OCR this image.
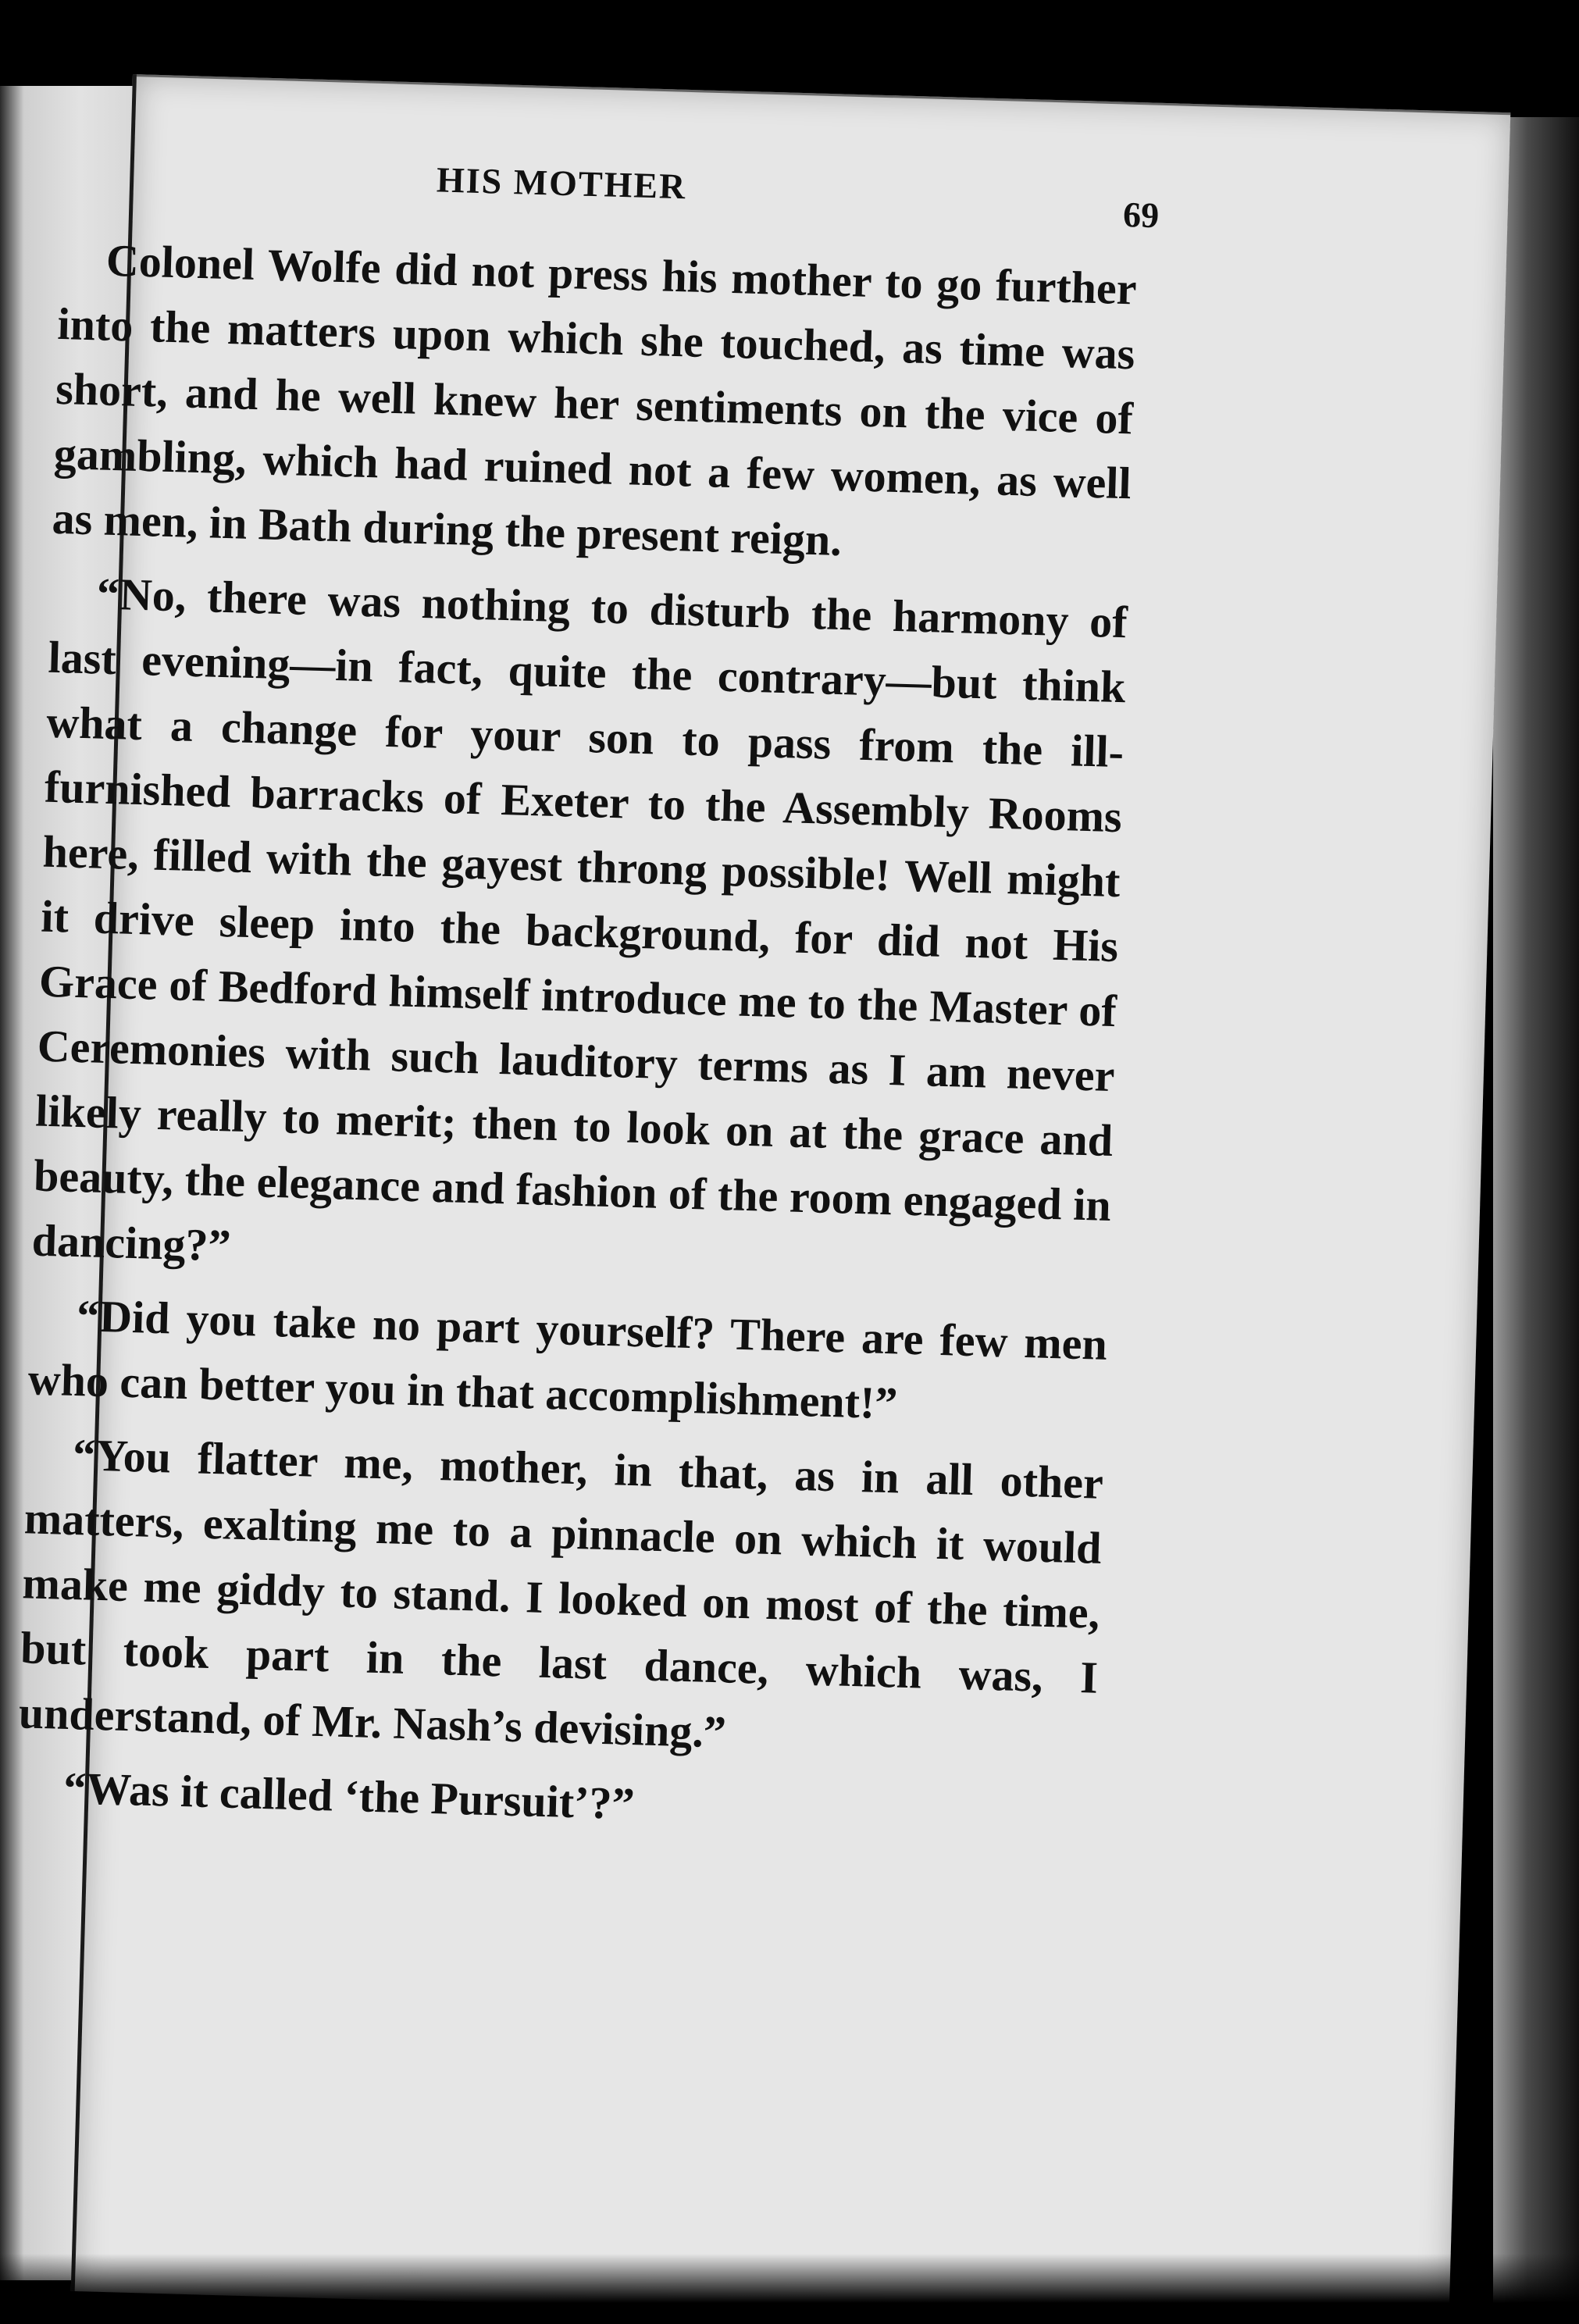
HIS MOTHER
69

Colonel Wolfe did not press his mother to go further into the matters upon which she touched, as time was short, and he well knew her sentiments on the vice of gambling, which had ruined not a few women, as well as men, in Bath during the present reign.

“No, there was nothing to disturb the harmony of last evening—in fact, quite the contrary—but think what a change for your son to pass from the ill-furnished barracks of Exeter to the Assembly Rooms here, filled with the gayest throng possible! Well might it drive sleep into the background, for did not His Grace of Bedford himself introduce me to the Master of Ceremonies with such lauditory terms as I am never likely really to merit; then to look on at the grace and beauty, the elegance and fashion of the room engaged in dancing?”

“Did you take no part yourself? There are few men who can better you in that accomplishment!”

“You flatter me, mother, in that, as in all other matters, exalting me to a pinnacle on which it would make me giddy to stand. I looked on most of the time, but took part in the last dance, which was, I understand, of Mr. Nash’s devising.”

“Was it called ‘the Pursuit’?”
